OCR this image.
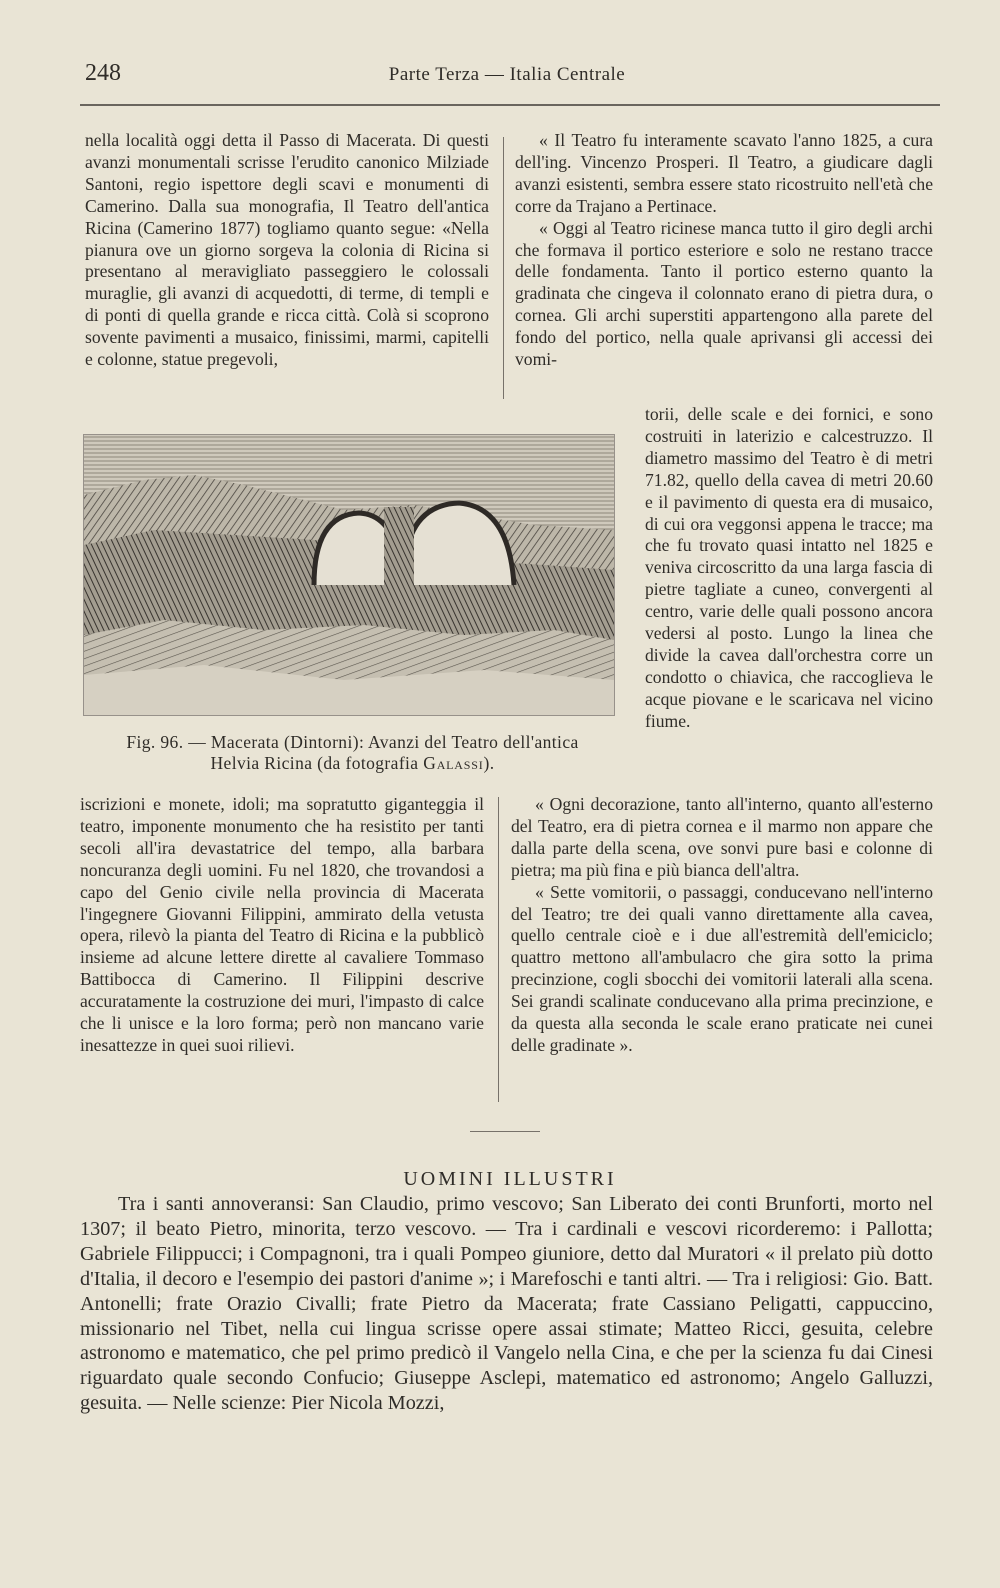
248	Parte Terza — Italia Centrale

nella località oggi detta il Passo di Macerata. Di questi avanzi monumentali scrisse l'erudito canonico Milziade Santoni, regio ispettore degli scavi e monumenti di Camerino. Dalla sua monografia, Il Teatro dell'antica Ricina (Camerino 1877) togliamo quanto segue: «Nella pianura ove un giorno sorgeva la colonia di Ricina si presentano al meravigliato passeggiero le colossali muraglie, gli avanzi di acquedotti, di terme, di templi e di ponti di quella grande e ricca città. Colà si scoprono sovente pavimenti a musaico, finissimi, marmi, capitelli e colonne, statue pregevoli,

« Il Teatro fu interamente scavato l'anno 1825, a cura dell'ing. Vincenzo Prosperi. Il Teatro, a giudicare dagli avanzi esistenti, sembra essere stato ricostruito nell'età che corre da Trajano a Pertinace.

« Oggi al Teatro ricinese manca tutto il giro degli archi che formava il portico esteriore e solo ne restano tracce delle fondamenta. Tanto il portico esterno quanto la gradinata che cingeva il colonnato erano di pietra dura, o cornea. Gli archi superstiti appartengono alla parete del fondo del portico, nella quale aprivansi gli accessi dei vomi-

torii, delle scale e dei fornici, e sono costruiti in laterizio e calcestruzzo. Il diametro massimo del Teatro è di metri 71.82, quello della cavea di metri 20.60 e il pavimento di questa era di musaico, di cui ora veggonsi appena le tracce; ma che fu trovato quasi intatto nel 1825 e veniva circoscritto da una larga fascia di pietre tagliate a cuneo, convergenti al centro, varie delle quali possono ancora vedersi al posto. Lungo la linea che divide la cavea dall'orchestra corre un condotto o chiavica, che raccoglieva le acque piovane e le scaricava nel vicino fiume.

Fig. 96. — Macerata (Dintorni): Avanzi del Teatro dell'antica
Helvia Ricina (da fotografia Galassi).

iscrizioni e monete, idoli; ma sopratutto giganteggia il teatro, imponente monumento che ha resistito per tanti secoli all'ira devastatrice del tempo, alla barbara noncuranza degli uomini. Fu nel 1820, che trovandosi a capo del Genio civile nella provincia di Macerata l'ingegnere Giovanni Filippini, ammirato della vetusta opera, rilevò la pianta del Teatro di Ricina e la pubblicò insieme ad alcune lettere dirette al cavaliere Tommaso Battibocca di Camerino. Il Filippini descrive accuratamente la costruzione dei muri, l'impasto di calce che li unisce e la loro forma; però non mancano varie inesattezze in quei suoi rilievi.

« Ogni decorazione, tanto all'interno, quanto all'esterno del Teatro, era di pietra cornea e il marmo non appare che dalla parte della scena, ove sonvi pure basi e colonne di pietra; ma più fina e più bianca dell'altra.

« Sette vomitorii, o passaggi, conducevano nell'interno del Teatro; tre dei quali vanno direttamente alla cavea, quello centrale cioè e i due all'estremità dell'emiciclo; quattro mettono all'ambulacro che gira sotto la prima precinzione, cogli sbocchi dei vomitorii laterali alla scena. Sei grandi scalinate conducevano alla prima precinzione, e da questa alla seconda le scale erano praticate nei cunei delle gradinate ».

UOMINI ILLUSTRI

Tra i santi annoveransi: San Claudio, primo vescovo; San Liberato dei conti Brunforti, morto nel 1307; il beato Pietro, minorita, terzo vescovo. — Tra i cardinali e vescovi ricorderemo: i Pallotta; Gabriele Filippucci; i Compagnoni, tra i quali Pompeo giuniore, detto dal Muratori « il prelato più dotto d'Italia, il decoro e l'esempio dei pastori d'anime »; i Marefoschi e tanti altri. — Tra i religiosi: Gio. Batt. Antonelli; frate Orazio Civalli; frate Pietro da Macerata; frate Cassiano Peligatti, cappuccino, missionario nel Tibet, nella cui lingua scrisse opere assai stimate; Matteo Ricci, gesuita, celebre astronomo e matematico, che pel primo predicò il Vangelo nella Cina, e che per la scienza fu dai Cinesi riguardato quale secondo Confucio; Giuseppe Asclepi, matematico ed astronomo; Angelo Galluzzi, gesuita. — Nelle scienze: Pier Nicola Mozzi,
